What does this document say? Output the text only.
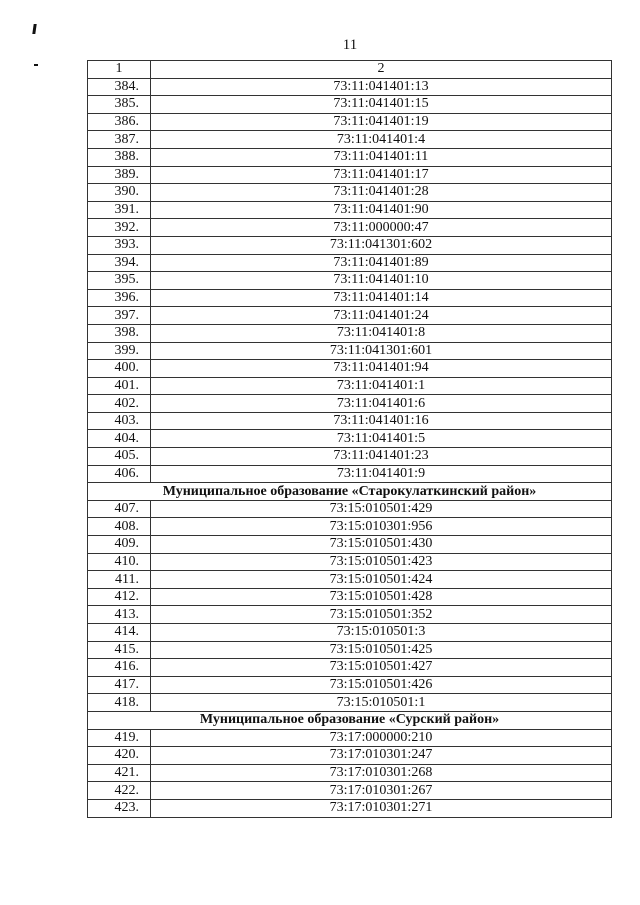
11
1	2
384.	73:11:041401:13
385.	73:11:041401:15
386.	73:11:041401:19
387.	73:11:041401:4
388.	73:11:041401:11
389.	73:11:041401:17
390.	73:11:041401:28
391.	73:11:041401:90
392.	73:11:000000:47
393.	73:11:041301:602
394.	73:11:041401:89
395.	73:11:041401:10
396.	73:11:041401:14
397.	73:11:041401:24
398.	73:11:041401:8
399.	73:11:041301:601
400.	73:11:041401:94
401.	73:11:041401:1
402.	73:11:041401:6
403.	73:11:041401:16
404.	73:11:041401:5
405.	73:11:041401:23
406.	73:11:041401:9
Муниципальное образование «Старокулаткинский район»	
407.	73:15:010501:429
408.	73:15:010301:956
409.	73:15:010501:430
410.	73:15:010501:423
411.	73:15:010501:424
412.	73:15:010501:428
413.	73:15:010501:352
414.	73:15:010501:3
415.	73:15:010501:425
416.	73:15:010501:427
417.	73:15:010501:426
418.	73:15:010501:1
Муниципальное образование «Сурский район»	
419.	73:17:000000:210
420.	73:17:010301:247
421.	73:17:010301:268
422.	73:17:010301:267
423.	73:17:010301:271
